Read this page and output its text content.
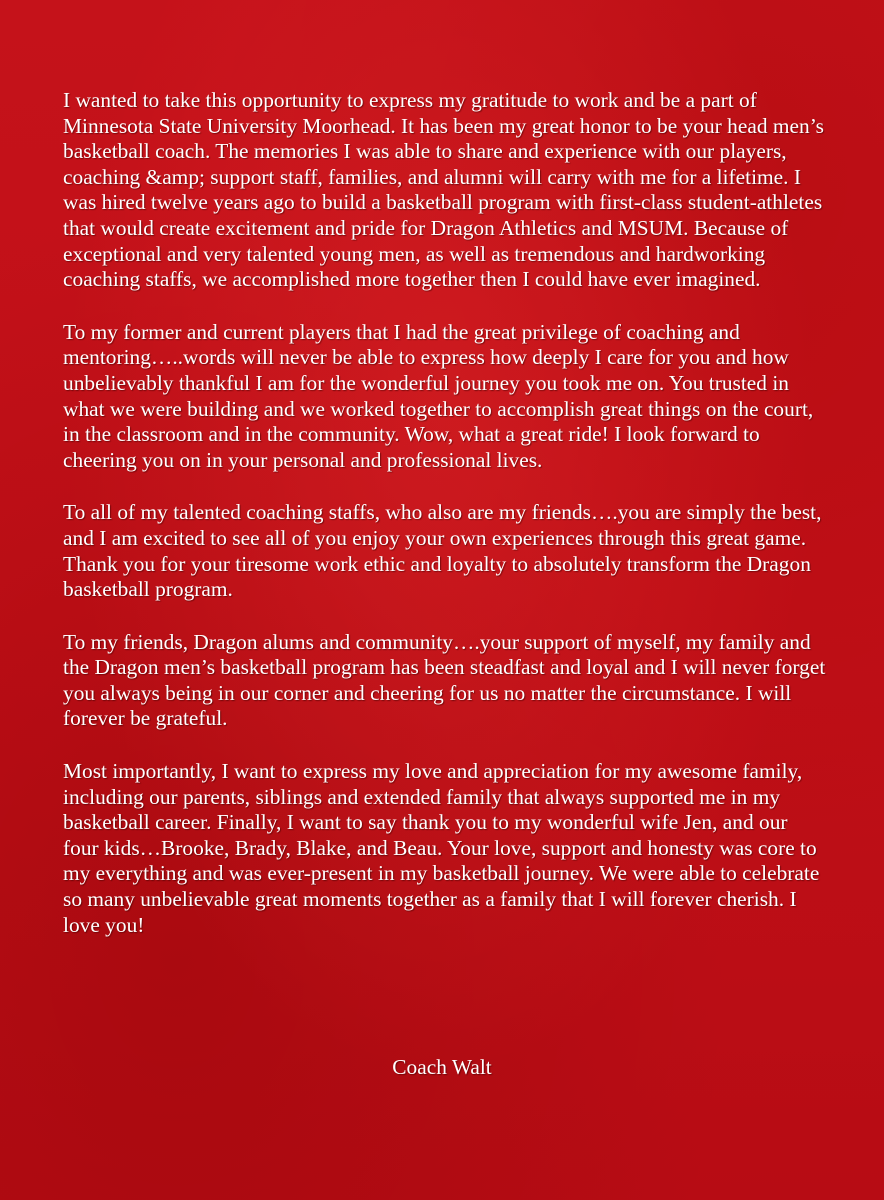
I wanted to take this opportunity to express my gratitude to work and be a part of Minnesota State University Moorhead. It has been my great honor to be your head men’s basketball coach. The memories I was able to share and experience with our players, coaching &amp; support staff, families, and alumni will carry with me for a lifetime. I was hired twelve years ago to build a basketball program with first-class student-athletes that would create excitement and pride for Dragon Athletics and MSUM. Because of exceptional and very talented young men, as well as tremendous and hardworking coaching staffs, we accomplished more together then I could have ever imagined.

To my former and current players that I had the great privilege of coaching and mentoring…..words will never be able to express how deeply I care for you and how unbelievably thankful I am for the wonderful journey you took me on. You trusted in what we were building and we worked together to accomplish great things on the court, in the classroom and in the community. Wow, what a great ride! I look forward to cheering you on in your personal and professional lives.

To all of my talented coaching staffs, who also are my friends….you are simply the best, and I am excited to see all of you enjoy your own experiences through this great game. Thank you for your tiresome work ethic and loyalty to absolutely transform the Dragon basketball program.

To my friends, Dragon alums and community….your support of myself, my family and the Dragon men’s basketball program has been steadfast and loyal and I will never forget you always being in our corner and cheering for us no matter the circumstance. I will forever be grateful.

Most importantly, I want to express my love and appreciation for my awesome family, including our parents, siblings and extended family that always supported me in my basketball career. Finally, I want to say thank you to my wonderful wife Jen, and our four kids…Brooke, Brady, Blake, and Beau. Your love, support and honesty was core to my everything and was ever-present in my basketball journey. We were able to celebrate so many unbelievable great moments together as a family that I will forever cherish. I love you!

Coach Walt
